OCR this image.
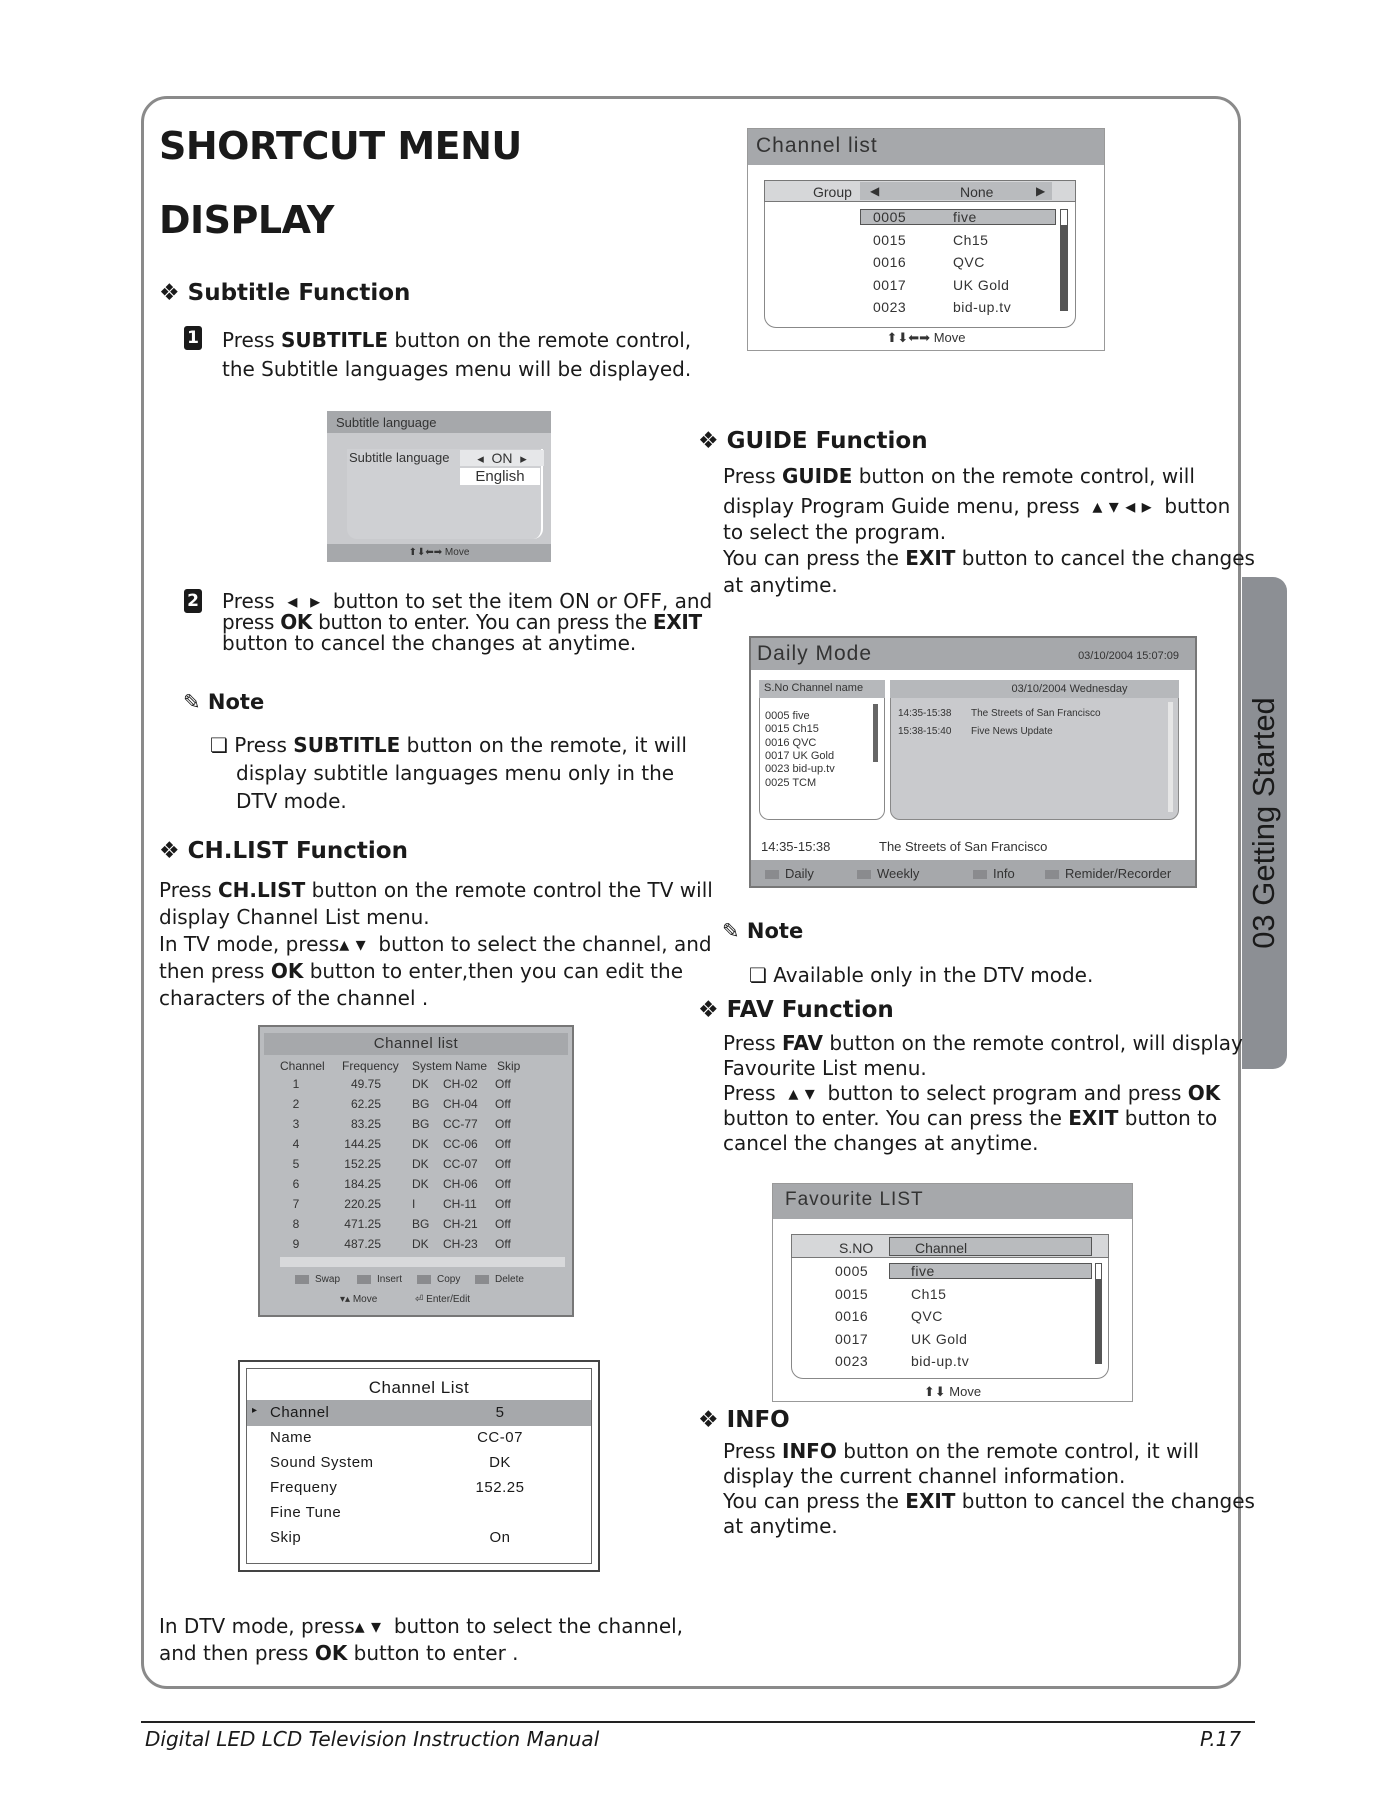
03 Getting Started
SHORTCUT MENU
DISPLAY
❖ Subtitle Function
1 Press SUBTITLE button on the remote control,
the Subtitle languages menu will be displayed.
Subtitle language
Subtitle language	◂ ON ▸
English
⬆⬇⬅➡ Move
2 Press ◂  ▸ button to set the item ON or OFF, and
press OK button to enter. You can press the EXIT
button to cancel the changes at anytime.
✎ Note
❏ Press SUBTITLE button on the remote, it will
display subtitle languages menu only in the
DTV mode.
❖ CH.LIST Function
Press CH.LIST button on the remote control the TV will
display Channel List menu.
In TV mode, press▴ ▾ button to select the channel, and
then press OK button to enter,then you can edit the
characters of the channel .
Channel list
Channel Frequency System Name Skip
Swap	Insert	Copy	Delete
▾▴ Move	⏎ Enter/Edit
1	49.75	DK	CH-02	Off
2	62.25	BG	CH-04	Off
3	83.25	BG	CC-77	Off
4	144.25	DK	CC-06	Off
5	152.25	DK	CC-07	Off
6	184.25	DK	CH-06	Off
7	220.25	I	CH-11	Off
8	471.25	BG	CH-21	Off
9	487.25	DK	CH-23	Off
Channel List
▸ Channel	5
Name	CC-07
Sound System	DK
Frequeny	152.25
Fine Tune
Skip	On
In DTV mode, press▴ ▾ button to select the channel,
and then press OK button to enter .
Channel list
Group ◀	None	▶
⬆⬇⬅➡ Move
0005	five
0015	Ch15
0016	QVC
0017	UK Gold
0023	bid-up.tv
❖ GUIDE Function
Press GUIDE button on the remote control, will
display Program Guide menu, press ▴ ▾ ◂ ▸ button
to select the program.
You can press the EXIT button to cancel the changes
at anytime.
Daily Mode	03/10/2004 15:07:09
S.No Channel name	03/10/2004 Wednesday
14:35-15:38	The Streets of San Francisco
Daily	Weekly	Info	Remider/Recorder
0005 five
0015 Ch15
0016 QVC
0017 UK Gold
0023 bid-up.tv
0025 TCM
14:35-15:38 The Streets of San Francisco
15:38-15:40 Five News Update
✎ Note
❏ Available only in the DTV mode.
❖ FAV Function
Press FAV button on the remote control, will display
Favourite List menu.
Press ▴ ▾ button to select program and press OK
button to enter. You can press the EXIT button to
cancel the changes at anytime.
Favourite LIST
S.NO	Channel
⬆⬇ Move
0005	five
0015	Ch15
0016	QVC
0017	UK Gold
0023	bid-up.tv
❖ INFO
Press INFO button on the remote control, it will
display the current channel information.
You can press the EXIT button to cancel the changes
at anytime.
Digital LED LCD Television Instruction Manual	P.17
